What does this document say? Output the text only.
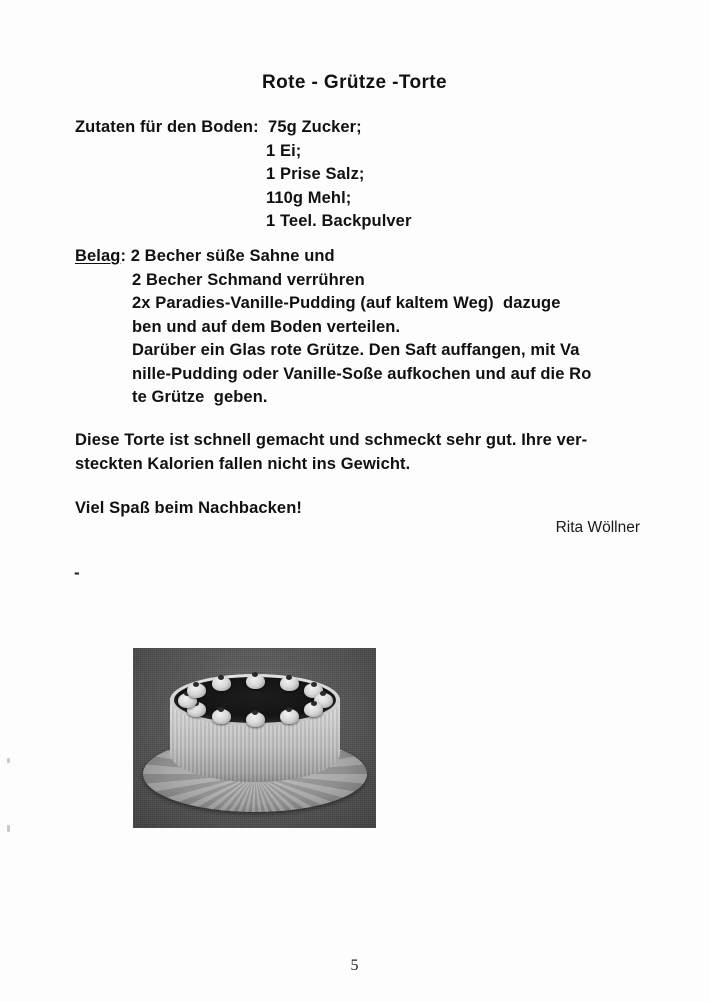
Rote - Grütze -Torte
Zutaten für den Boden:  75g Zucker;
1 Ei;
1 Prise Salz;
110g Mehl;
1 Teel. Backpulver
Belag: 2 Becher süße Sahne und
2 Becher Schmand verrühren
2x Paradies-Vanille-Pudding (auf kaltem Weg)  dazuge
ben und auf dem Boden verteilen.
Darüber ein Glas rote Grütze. Den Saft auffangen, mit Va
nille-Pudding oder Vanille-Soße aufkochen und auf die Ro
te Grütze  geben.
Diese Torte ist schnell gemacht und schmeckt sehr gut. Ihre ver-
steckten Kalorien fallen nicht ins Gewicht.
Viel Spaß beim Nachbacken!
Rita Wöllner
-
5
